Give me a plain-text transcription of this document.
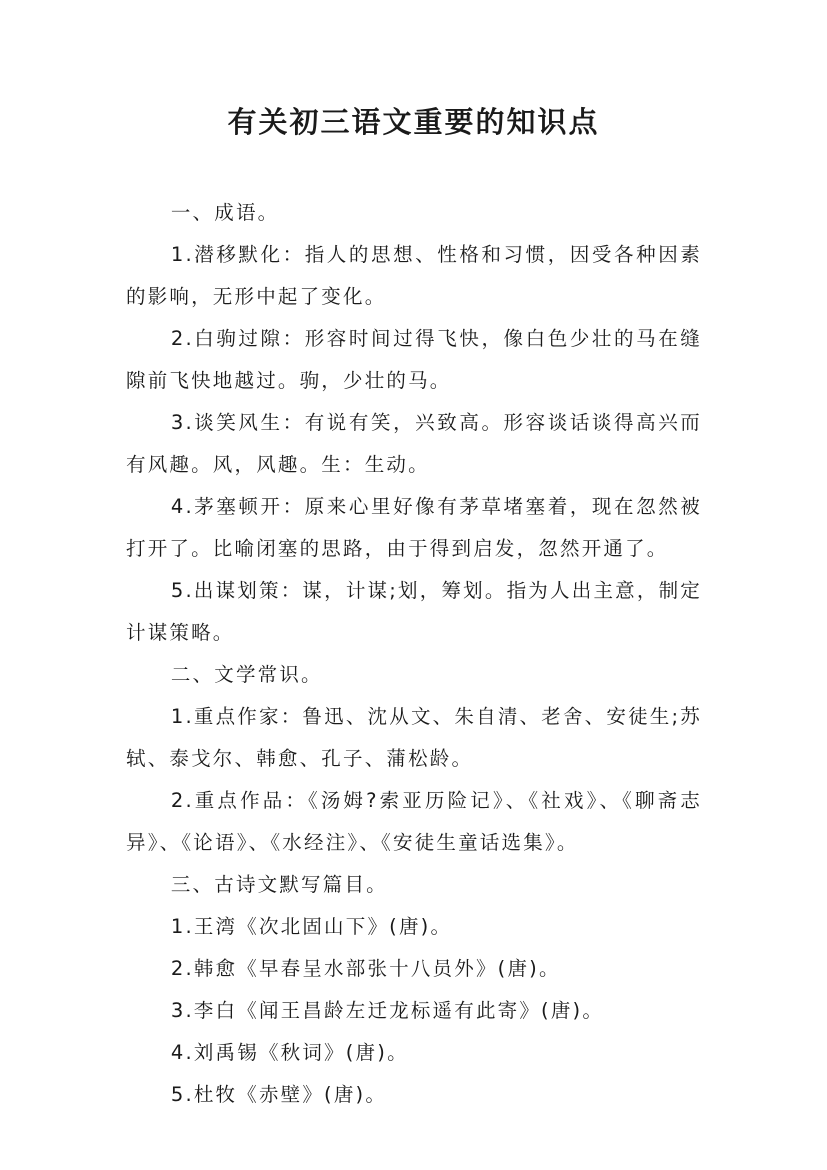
有关初三语文重要的知识点

一、成语。

1.潜移默化：指人的思想、性格和习惯，因受各种因素的影响，无形中起了变化。

2.白驹过隙：形容时间过得飞快，像白色少壮的马在缝隙前飞快地越过。驹，少壮的马。

3.谈笑风生：有说有笑，兴致高。形容谈话谈得高兴而有风趣。风，风趣。生：生动。

4.茅塞顿开：原来心里好像有茅草堵塞着，现在忽然被打开了。比喻闭塞的思路，由于得到启发，忽然开通了。

5.出谋划策：谋，计谋;划，筹划。指为人出主意，制定计谋策略。

二、文学常识。

1.重点作家：鲁迅、沈从文、朱自清、老舍、安徒生;苏轼、泰戈尔、韩愈、孔子、蒲松龄。

2.重点作品：《汤姆?索亚历险记》、《社戏》、《聊斋志异》、《论语》、《水经注》、《安徒生童话选集》。

三、古诗文默写篇目。

1.王湾《次北固山下》(唐)。

2.韩愈《早春呈水部张十八员外》(唐)。

3.李白《闻王昌龄左迁龙标遥有此寄》(唐)。

4.刘禹锡《秋词》(唐)。

5.杜牧《赤壁》(唐)。
